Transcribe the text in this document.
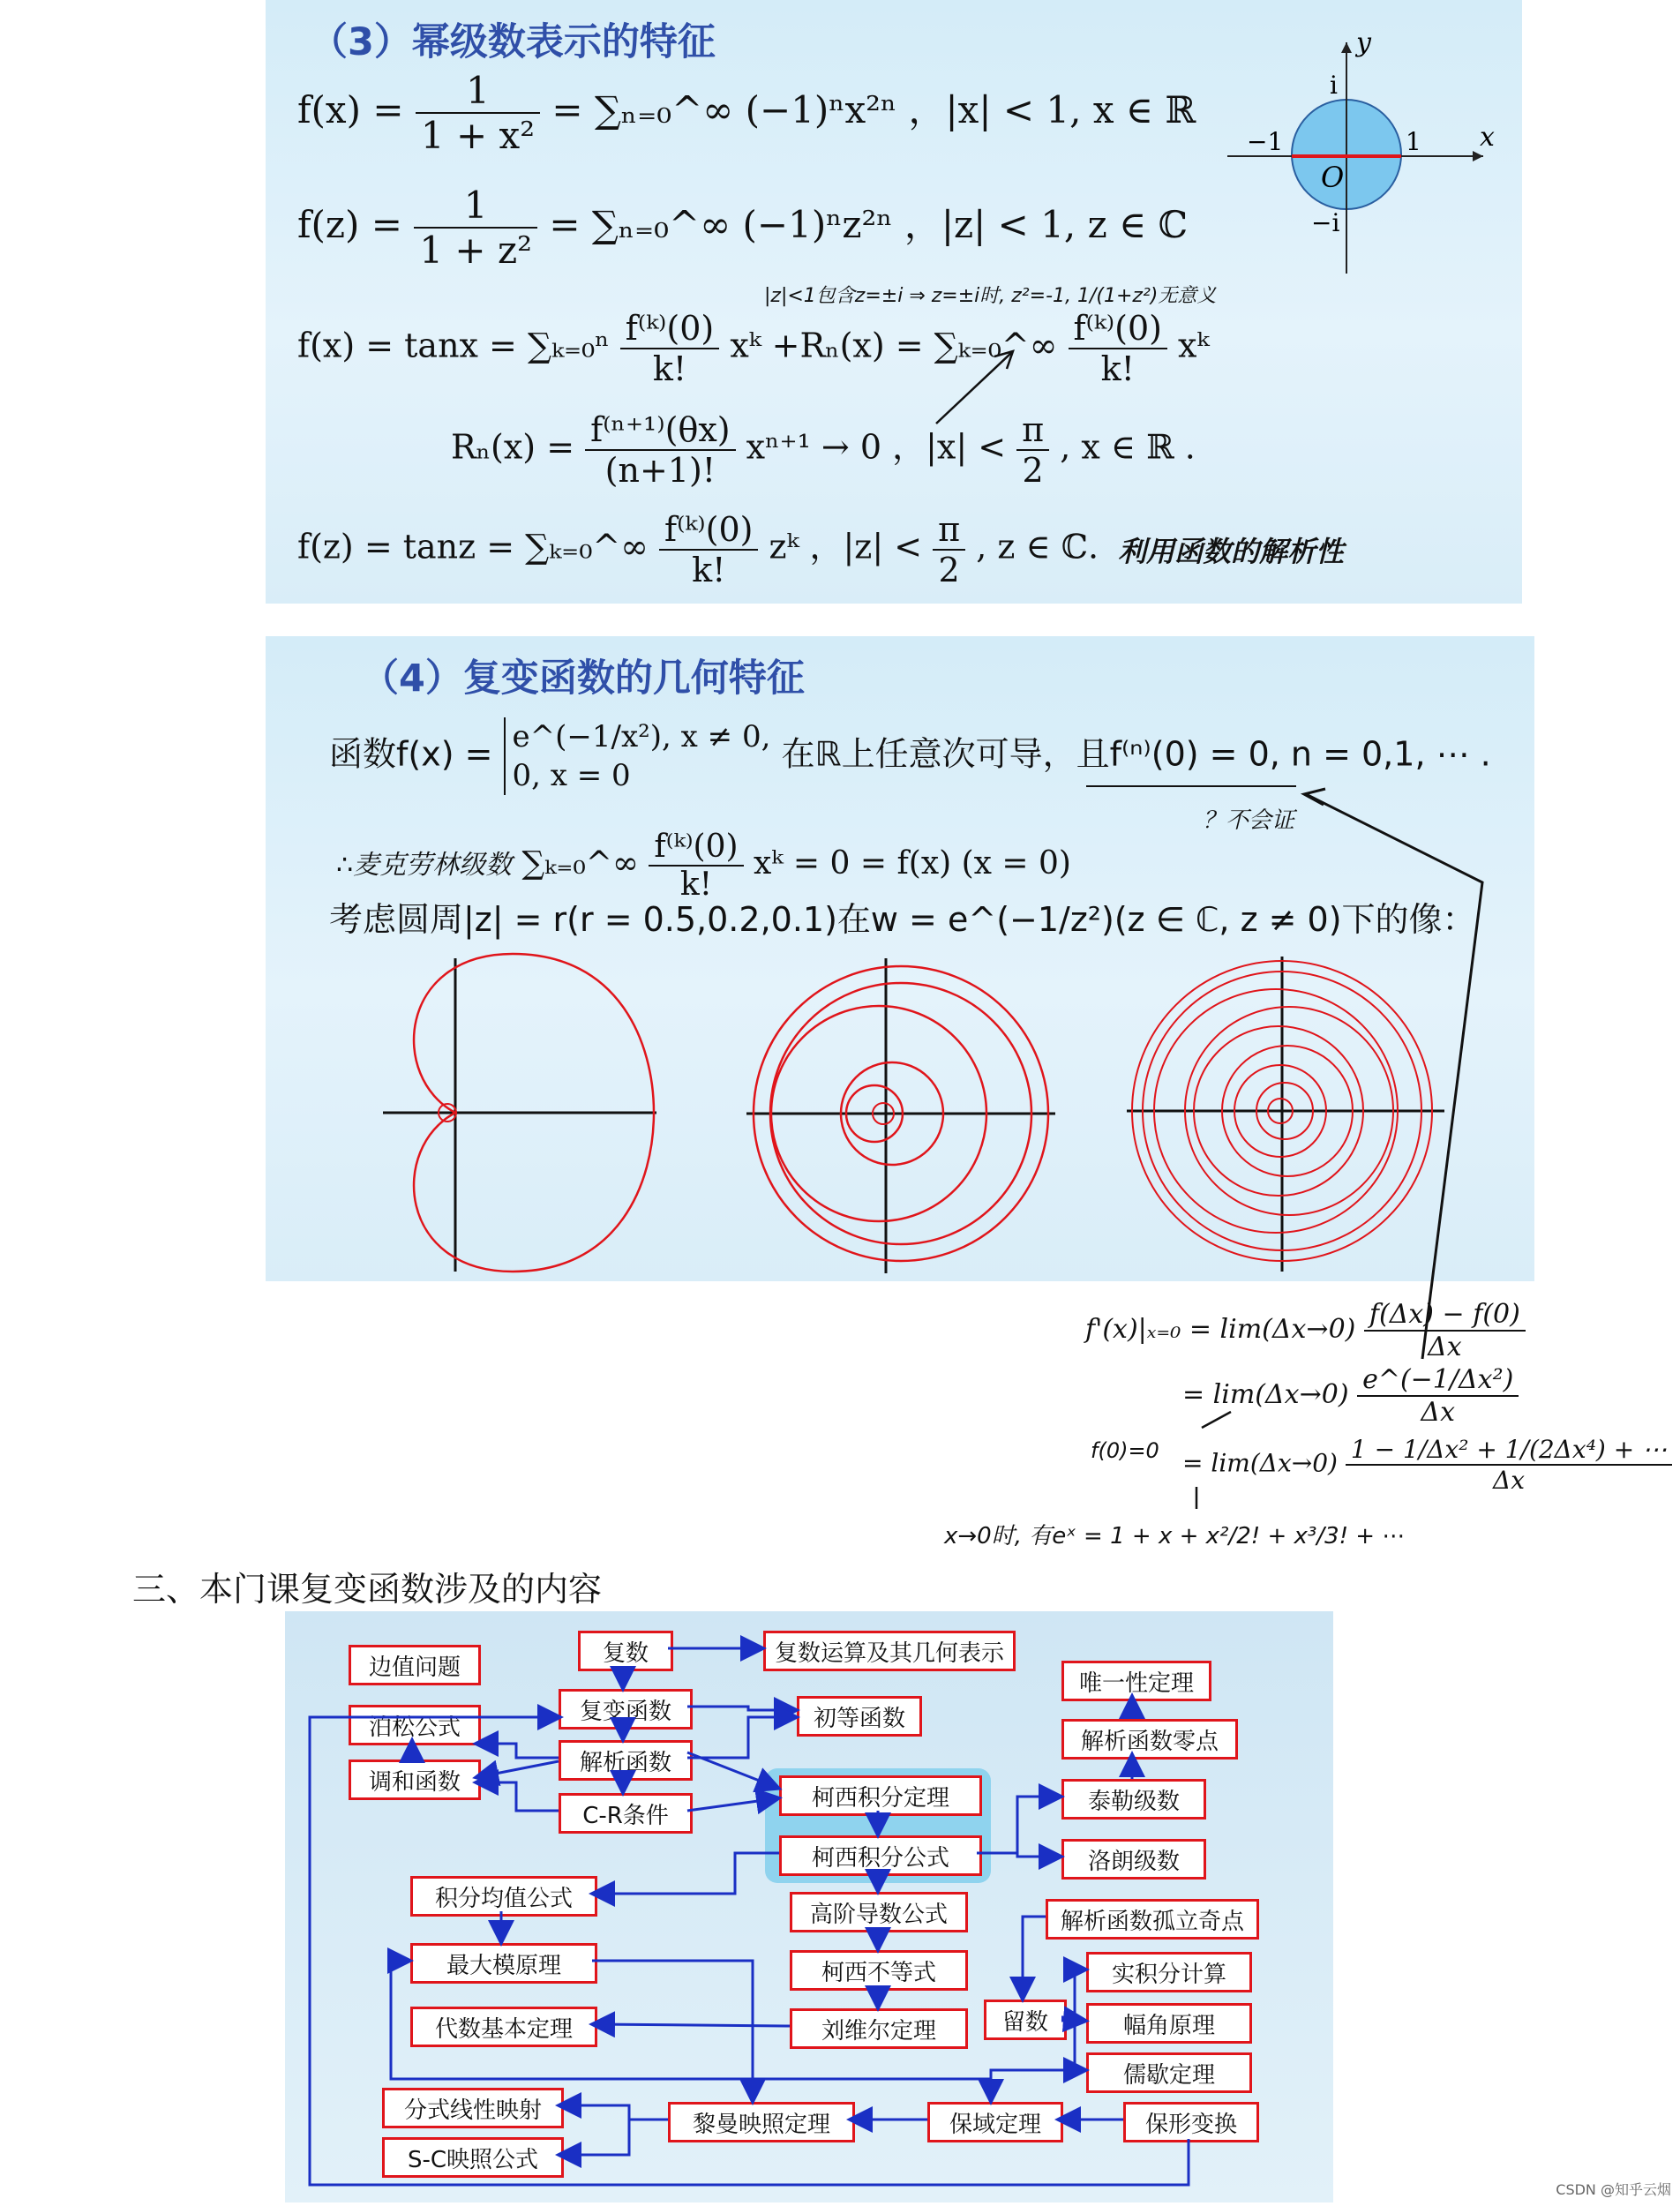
（3）幂级数表示的特征
$f(x) = \frac{1}{\text{1 + x²}}$ = ∑ₙ₌₀^∞ (−1)ⁿx²ⁿ ，|x| < 1, x ∈ ℝ
$f(z) = \frac{1}{\text{1 + z²}}$ = ∑ₙ₌₀^∞ (−1)ⁿz²ⁿ ，|z| < 1, z ∈ ℂ
$f(x) = \tan x = \sum_{k=0}^n \frac{\text{f⁽ᵏ⁾(0)}}{k!}$ xᵏ +Rₙ(x) = ∑ₖ₌₀^∞ $\frac{\text{f⁽ᵏ⁾(0)}}{k!}$ xᵏ
$R_n(x) = \frac{\text{f⁽ⁿ⁺¹⁾(θx)}}{(n+1)!} x^{n+1} \to 0$ ，$|x| < \frac{\pi}{2}$ , x ∈ ℝ .
f(z) = tanz = ∑ₖ₌₀^∞ $\frac{\text{f⁽ᵏ⁾(0)}}{k!}$ zᵏ ，$|z| < \frac{\pi}{2}$ , z ∈ ℂ.
|z|<1包含z=±i ⇒ z=±i时, z²=-1, 1/(1+z²)无意义
利用函数的解析性
y
x
i
−i
−1	1
O
（4）复变函数的几何特征
函数f(x) = e^(−1/x²), x ≠ 0,
0, x = 0 在ℝ上任意次可导，且f⁽ⁿ⁾(0) = 0, n = 0,1, ⋯ .
？不会证
∴麦克劳林级数 ∑ₖ₌₀^∞ $\frac{\text{f⁽ᵏ⁾(0)}}{k!}$ xᵏ = 0 = f(x) (x = 0)
考虑圆周|z| = r(r = 0.5,0.2,0.1)在w = e^(−1/z²)(z ∈ ℂ, z ≠ 0)下的像：
$f'(x)|_{x=0} = \lim(\Delta x\to 0) \frac{f(\Delta x) - f(0)}{\Delta x}$
= $\lim(\Delta x\to 0) \frac{\text{e\textasciicircum{}(−1/Δx²)}}{\Delta x}$
$f(0)=0 = \lim(\Delta x\to 0) \frac{\text{1 − 1/Δx² + 1/(2Δx⁴) + ⋯}}{\Delta x}$
x→0时, 有eˣ = 1 + x + x²/2! + x³/3! + ⋯
三、本门课复变函数涉及的内容
边值问题
泊松公式
调和函数
复数
复变函数
解析函数
C-R条件
复数运算及其几何表示
初等函数
柯西积分定理
柯西积分公式
唯一性定理
解析函数零点
泰勒级数
洛朗级数
积分均值公式
最大模原理
代数基本定理
高阶导数公式
柯西不等式
刘维尔定理
解析函数孤立奇点
实积分计算
留数	幅角原理
儒歇定理
分式线性映射
S-C映照公式
黎曼映照定理	保域定理	保形变换
CSDN @知乎云烟
